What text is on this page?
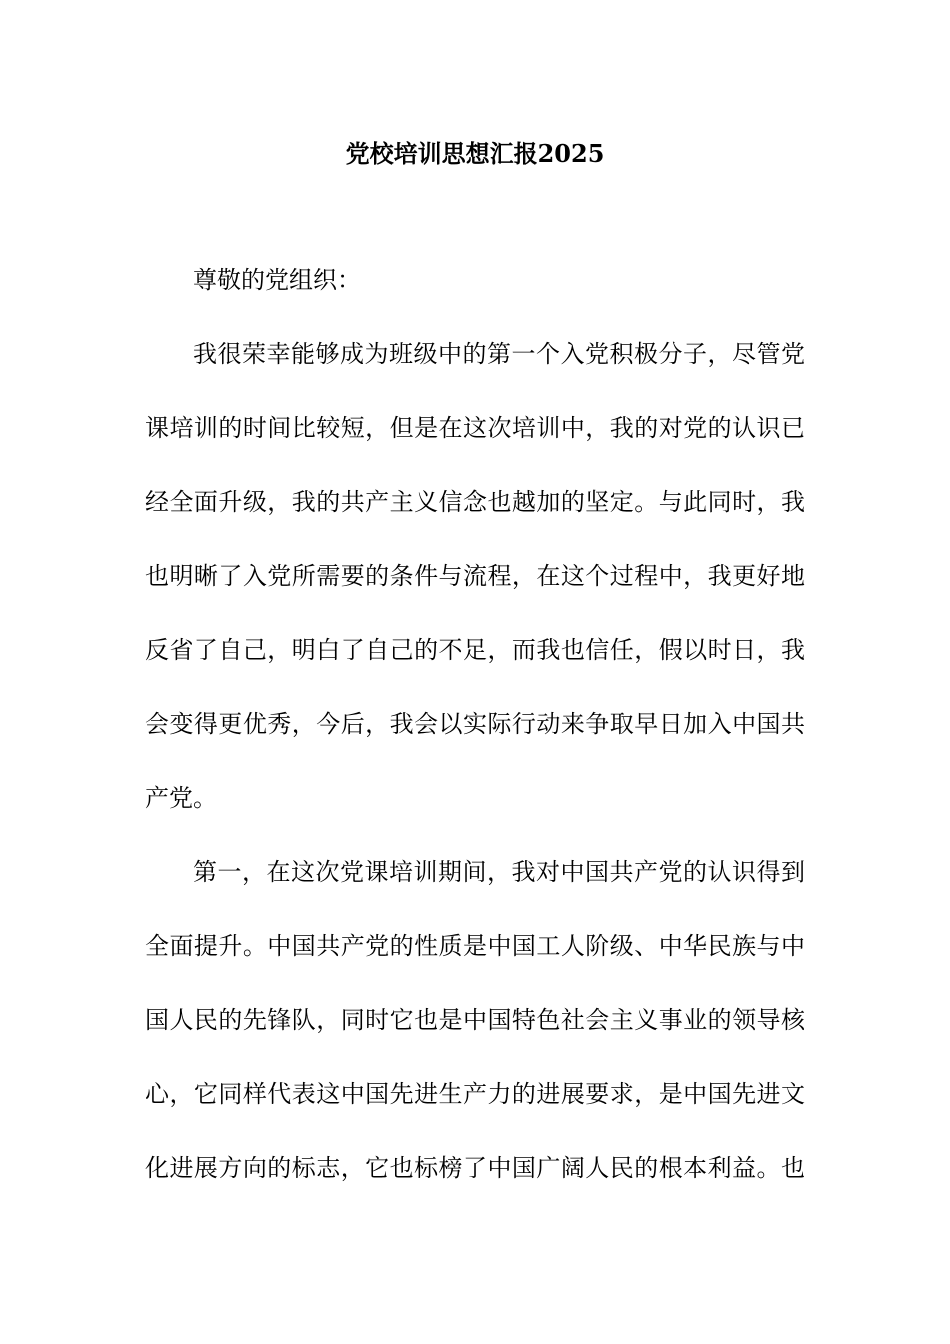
党校培训思想汇报2025
尊敬的党组织：
我很荣幸能够成为班级中的第一个入党积极分子，尽管党
课培训的时间比较短，但是在这次培训中，我的对党的认识已
经全面升级，我的共产主义信念也越加的坚定。与此同时，我
也明晰了入党所需要的条件与流程，在这个过程中，我更好地
反省了自己，明白了自己的不足，而我也信任，假以时日，我
会变得更优秀，今后，我会以实际行动来争取早日加入中国共
产党。
第一，在这次党课培训期间，我对中国共产党的认识得到
全面提升。中国共产党的性质是中国工人阶级、中华民族与中
国人民的先锋队，同时它也是中国特色社会主义事业的领导核
心，它同样代表这中国先进生产力的进展要求，是中国先进文
化进展方向的标志，它也标榜了中国广阔人民的根本利益。也
